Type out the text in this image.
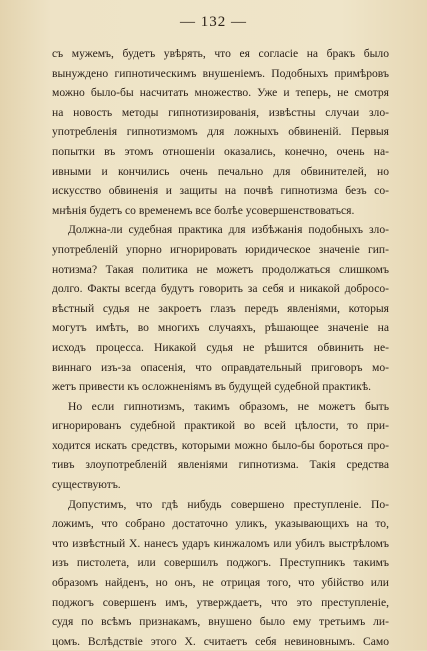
— 132 —
съ мужемъ, будетъ увѣрять, что ея согласіе на бракъ было
вынуждено гипнотическимъ внушеніемъ. Подобныхъ примѣровъ
можно было-бы насчитать множество. Уже и теперь, не смотря
на новость методы гипнотизированія, извѣстны случаи зло-
употребленія гипнотизмомъ для ложныхъ обвиненій. Первыя
попытки въ этомъ отношеніи оказались, конечно, очень на-
ивными и кончились очень печально для обвинителей, но
искусство обвиненія и защиты на почвѣ гипнотизма безъ со-
мнѣнія будетъ со временемъ все болѣе усовершенствоваться.
Должна-ли судебная практика для избѣжанія подобныхъ зло-
употребленій упорно игнорировать юридическое значеніе гип-
нотизма? Такая политика не можетъ продолжаться слишкомъ
долго. Факты всегда будутъ говорить за себя и никакой добросо-
вѣстный судья не закроетъ глазъ передъ явленіями, которыя
могутъ имѣть, во многихъ случаяхъ, рѣшающее значеніе на
исходъ процесса. Никакой судья не рѣшится обвинить не-
виннаго изъ-за опасенія, что оправдательный приговоръ мо-
жетъ привести къ осложненіямъ въ будущей судебной практикѣ.
Но если гипнотизмъ, такимъ образомъ, не можетъ быть
игнорированъ судебной практикой во всей цѣлости, то при-
ходится искать средствъ, которыми можно было-бы бороться про-
тивъ злоупотребленій явленіями гипнотизма. Такія средства
существуютъ.
Допустимъ, что гдѣ нибудь совершено преступленіе. По-
ложимъ, что собрано достаточно уликъ, указывающихъ на то,
что извѣстный X. нанесъ ударъ кинжаломъ или убилъ выстрѣломъ
изъ пистолета, или совершилъ поджогъ. Преступникъ такимъ
образомъ найденъ, но онъ, не отрицая того, что убійство или
поджогъ совершенъ имъ, утверждаетъ, что это преступленіе,
судя по всѣмъ признакамъ, внушено было ему третьимъ ли-
цомъ. Вслѣдствіе этого X. считаетъ себя невиновнымъ. Само
